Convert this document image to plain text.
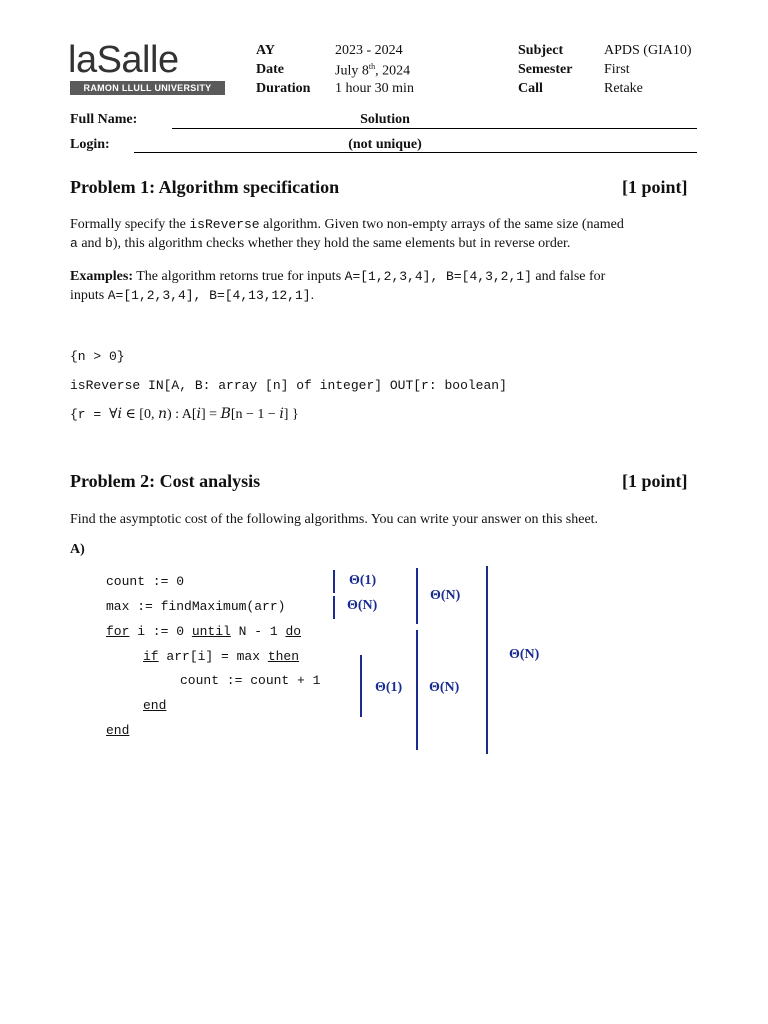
laSalle
RAMON LLULL UNIVERSITY
AY	2023 - 2024
Date	July 8th, 2024
Duration 1 hour 30 min
Subject	APDS (GIA10)
Semester First
Call	Retake
Full Name:	Solution
Login:	(not unique)
Problem 1: Algorithm specification	[1 point]
Formally specify the isReverse algorithm. Given two non-empty arrays of the same size (named
a and b), this algorithm checks whether they hold the same elements but in reverse order.
Examples: The algorithm retorns true for inputs A=[1,2,3,4], B=[4,3,2,1] and false for
inputs A=[1,2,3,4], B=[4,13,12,1].
{n > 0}
isReverse IN[A, B: array [n] of integer] OUT[r: boolean]
{r = ∀𝑖 ∈ [0, 𝑛) : A[𝑖] = 𝐵[n − 1 − 𝑖] }
Problem 2: Cost analysis	[1 point]
Find the asymptotic cost of the following algorithms. You can write your answer on this sheet.
A)
count := 0
max := findMaximum(arr)
for i := 0 until N - 1 do
if arr[i] = max then
count := count + 1
end
end
Θ(1)
Θ(N)
Θ(N)
Θ(1) Θ(N)
Θ(N)
